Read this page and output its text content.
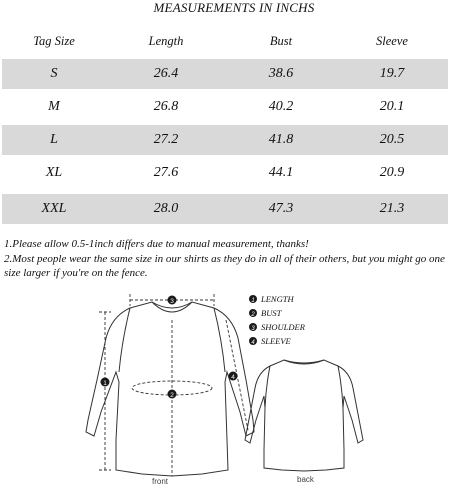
MEASUREMENTS IN INCHS
Tag Size	Length	Bust	Sleeve
S	26.4	38.6	19.7
M	26.8	40.2	20.1
L	27.2	41.8	20.5
XL	27.6	44.1	20.9
XXL	28.0	47.3	21.3
1.Please allow 0.5-1inch differs due to manual measurement, thanks!
2.Most people wear the same size in our shirts as they do in all of their others, but you might go one size larger if you're on the fence.
1
2
3
4
1 LENGTH
2 BUST
3 SHOULDER
4 SLEEVE
front	back
